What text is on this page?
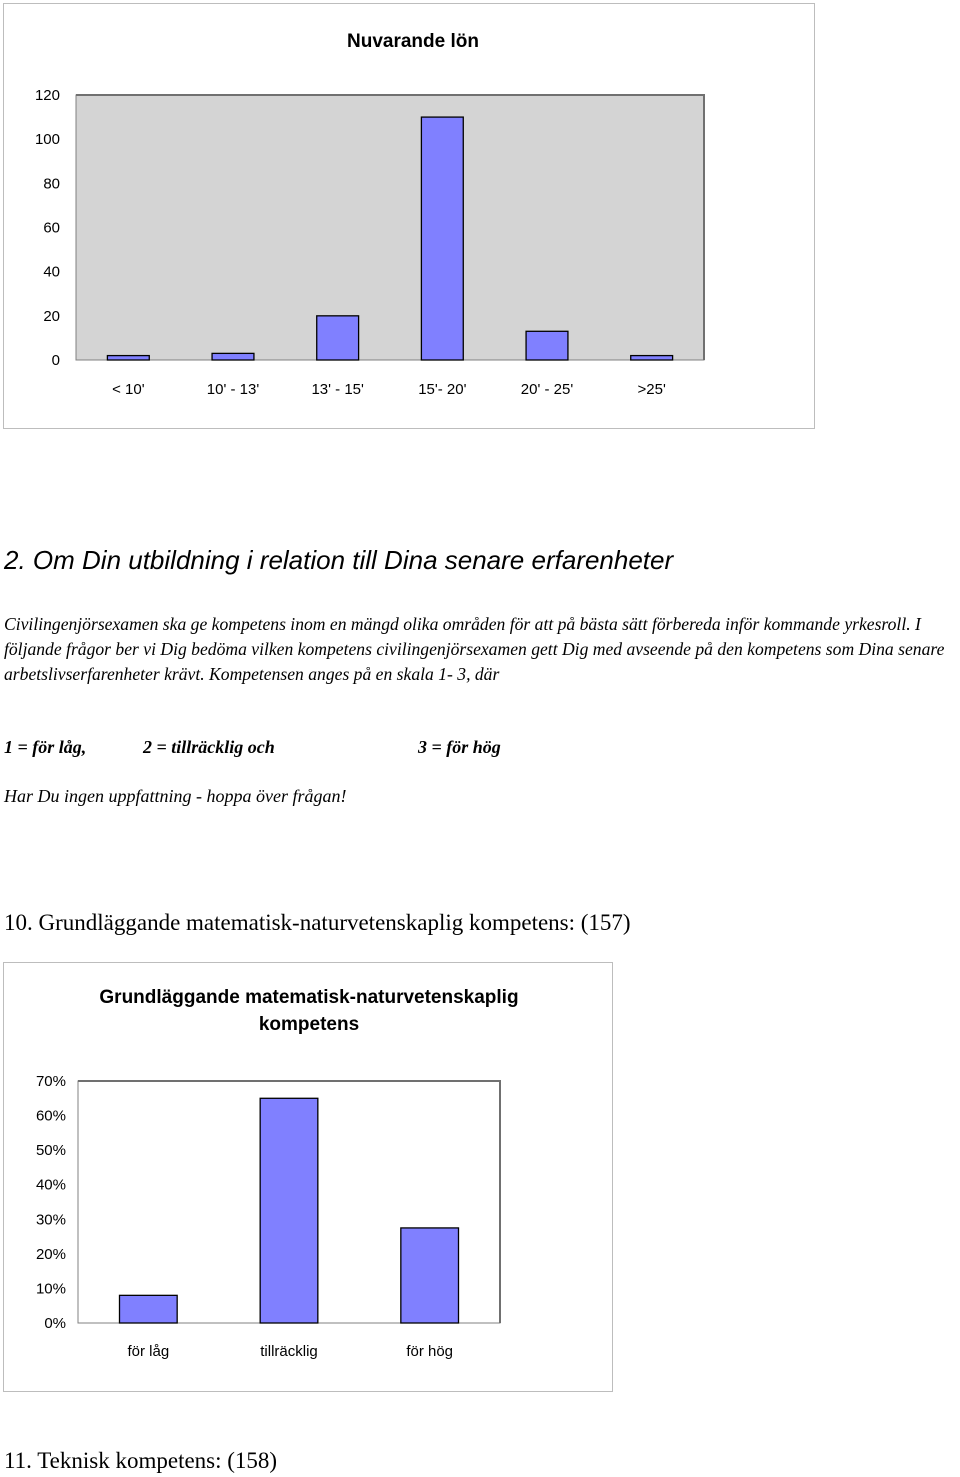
Nuvarande lön
120
100
80
60
40
20
0
< 10'	10' - 13'	13' - 15'	15'- 20'	20' - 25'	>25'
2. Om Din utbildning i relation till Dina senare erfarenheter

Civilingenjörsexamen ska ge kompetens inom en mängd olika områden för att på bästa sätt förbereda inför kommande yrkesroll. I följande frågor ber vi Dig bedöma vilken kompetens civilingenjörsexamen gett Dig med avseende på den kompetens som Dina senare arbetslivserfarenheter krävt. Kompetensen anges på en skala 1- 3, där

1 = för låg,	2 = tillräcklig och	3 = för hög

Har Du ingen uppfattning - hoppa över frågan!

10. Grundläggande matematisk-naturvetenskaplig kompetens: (157)

Grundläggande matematisk-naturvetenskaplig
kompetens
70%
60%
50%
40%
30%
20%
10%
0%
för låg	tillräcklig	för hög

11. Teknisk kompetens: (158)
